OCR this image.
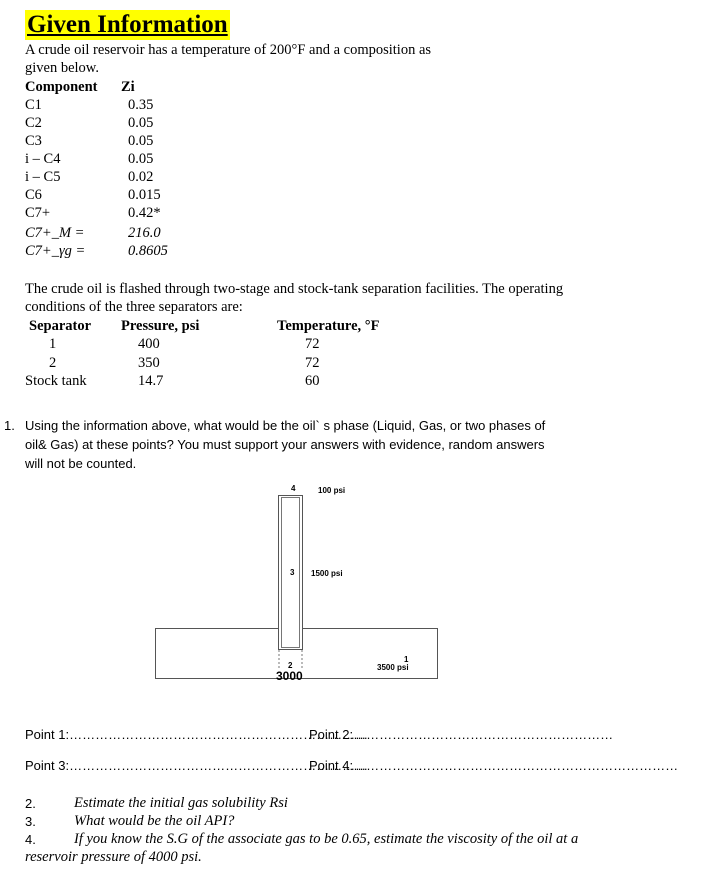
Given Information
A crude oil reservoir has a temperature of 200°F and a composition as
given below.
Component Zi
C1	0.35
C2	0.05
C3	0.05
i – C4	0.05
i – C5	0.02
C6	0.015
C7+	0.42*
C7+_M =	216.0
C7+_γg =	0.8605
The crude oil is flashed through two-stage and stock-tank separation facilities. The operating
conditions of the three separators are:
Separator Pressure, psi	Temperature, °F
1	400	72
2	350	72
Stock tank	14.7	60
1. Using the information above, what would be the oil` s phase (Liquid, Gas, or two phases of
oil& Gas) at these points? You must support your answers with evidence, random answers
will not be counted.
4	100 psi
3 1500 psi
2
3000
1
3500 psi
Point 1:……………………………………………………………
Point 2:……………………………………………………
Point 3:……………………………………………………………
Point 4:…………………………………………………………………
2.	Estimate the initial gas solubility Rsi
3.	What would be the oil API?
4.	If you know the S.G of the associate gas to be 0.65, estimate the viscosity of the oil at a
reservoir pressure of 4000 psi.
